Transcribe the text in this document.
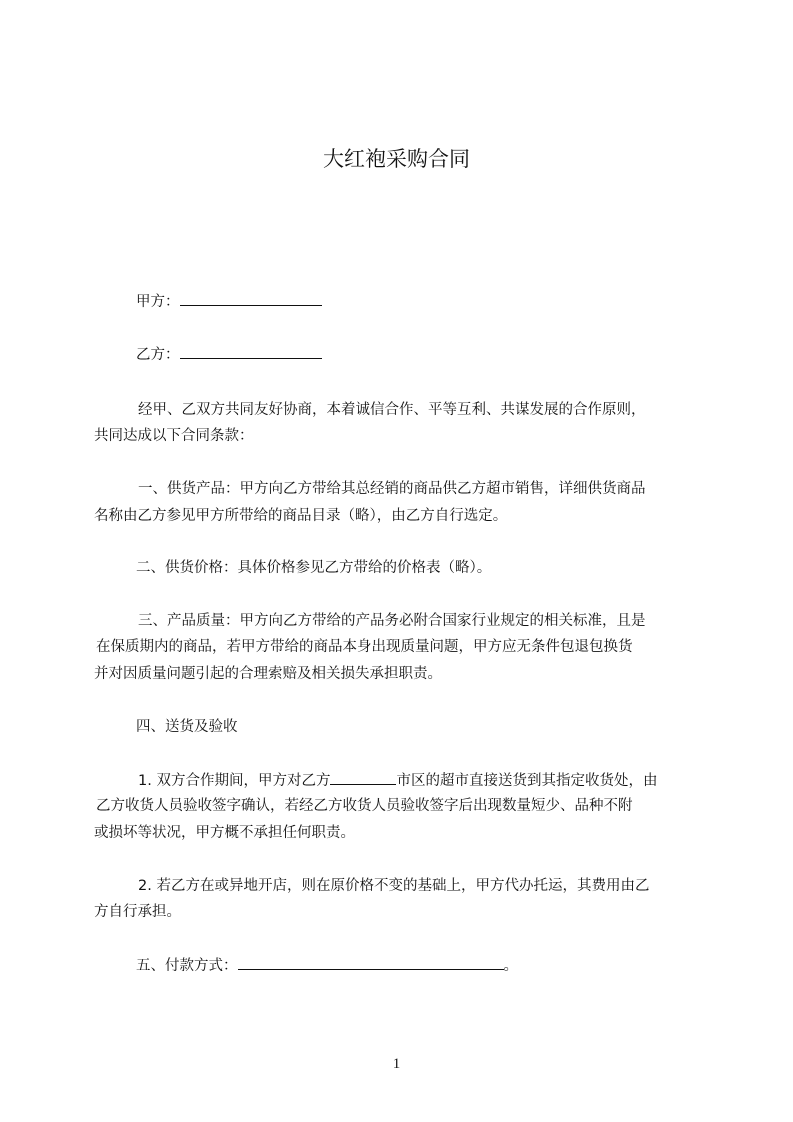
大红袍采购合同

甲方：

乙方：

经甲、乙双方共同友好协商，本着诚信合作、平等互利、共谋发展的合作原则，

共同达成以下合同条款：

一、供货产品：甲方向乙方带给其总经销的商品供乙方超市销售，详细供货商品

名称由乙方参见甲方所带给的商品目录（略），由乙方自行选定。

二、供货价格：具体价格参见乙方带给的价格表（略）。

三、产品质量：甲方向乙方带给的产品务必附合国家行业规定的相关标准，且是

在保质期内的商品，若甲方带给的商品本身出现质量问题，甲方应无条件包退包换货

并对因质量问题引起的合理索赔及相关损失承担职责。

四、送货及验收

1. 双方合作期间，甲方对乙方	市区的超市直接送货到其指定收货处，由

乙方收货人员验收签字确认，若经乙方收货人员验收签字后出现数量短少、品种不附

或损坏等状况，甲方概不承担任何职责。

2. 若乙方在或异地开店，则在原价格不变的基础上，甲方代办托运，其费用由乙

方自行承担。

五、付款方式：	。

1
